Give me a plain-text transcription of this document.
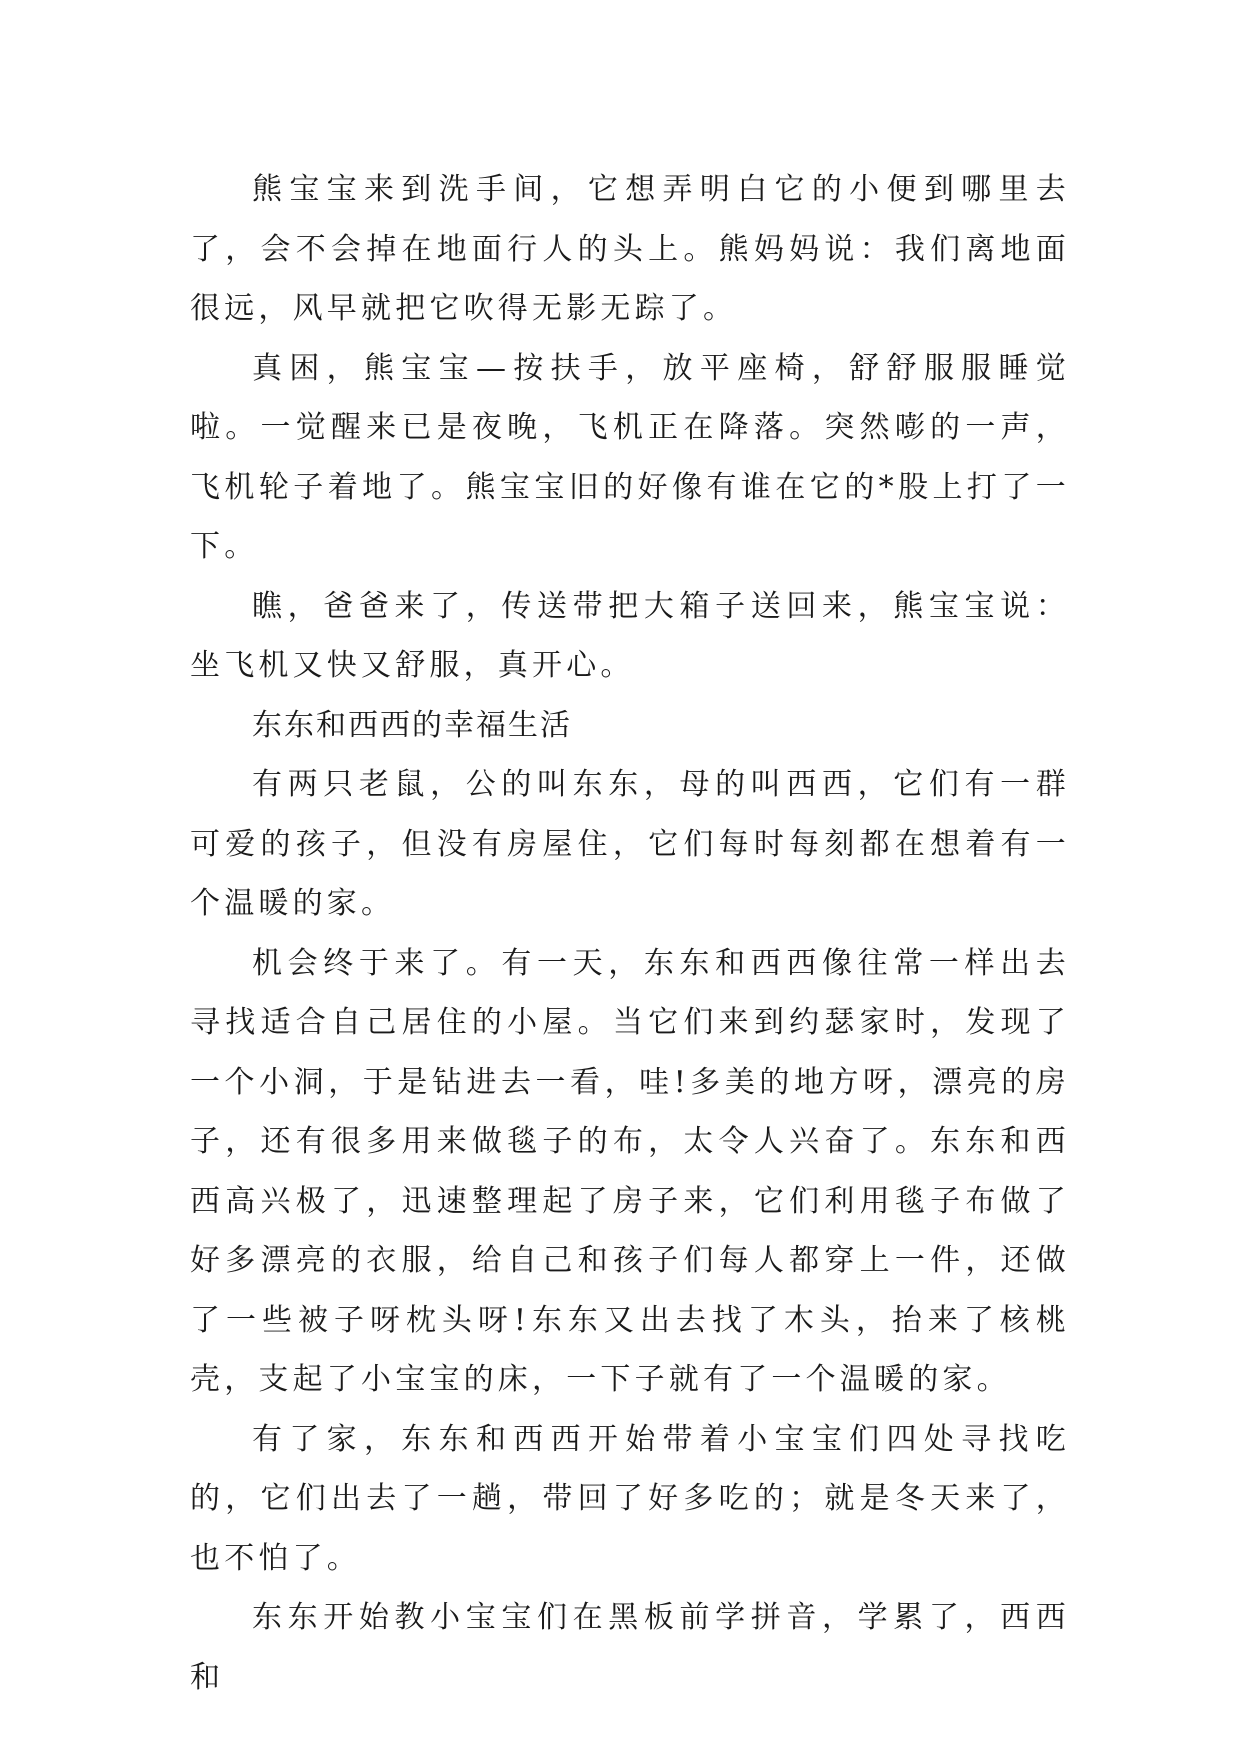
熊宝宝来到洗手间，它想弄明白它的小便到哪里去了，会不会掉在地面行人的头上。熊妈妈说：我们离地面很远，风早就把它吹得无影无踪了。

真困，熊宝宝—按扶手，放平座椅，舒舒服服睡觉啦。一觉醒来已是夜晚，飞机正在降落。突然嘭的一声，飞机轮子着地了。熊宝宝旧的好像有谁在它的*股上打了一下。

瞧，爸爸来了，传送带把大箱子送回来，熊宝宝说：坐飞机又快又舒服，真开心。

东东和西西的幸福生活

有两只老鼠，公的叫东东，母的叫西西，它们有一群可爱的孩子，但没有房屋住，它们每时每刻都在想着有一个温暖的家。

机会终于来了。有一天，东东和西西像往常一样出去寻找适合自己居住的小屋。当它们来到约瑟家时，发现了一个小洞，于是钻进去一看，哇!多美的地方呀，漂亮的房子，还有很多用来做毯子的布，太令人兴奋了。东东和西西高兴极了，迅速整理起了房子来，它们利用毯子布做了好多漂亮的衣服，给自己和孩子们每人都穿上一件，还做了一些被子呀枕头呀!东东又出去找了木头，抬来了核桃壳，支起了小宝宝的床，一下子就有了一个温暖的家。

有了家，东东和西西开始带着小宝宝们四处寻找吃的，它们出去了一趟，带回了好多吃的；就是冬天来了，也不怕了。

东东开始教小宝宝们在黑板前学拼音，学累了，西西和
